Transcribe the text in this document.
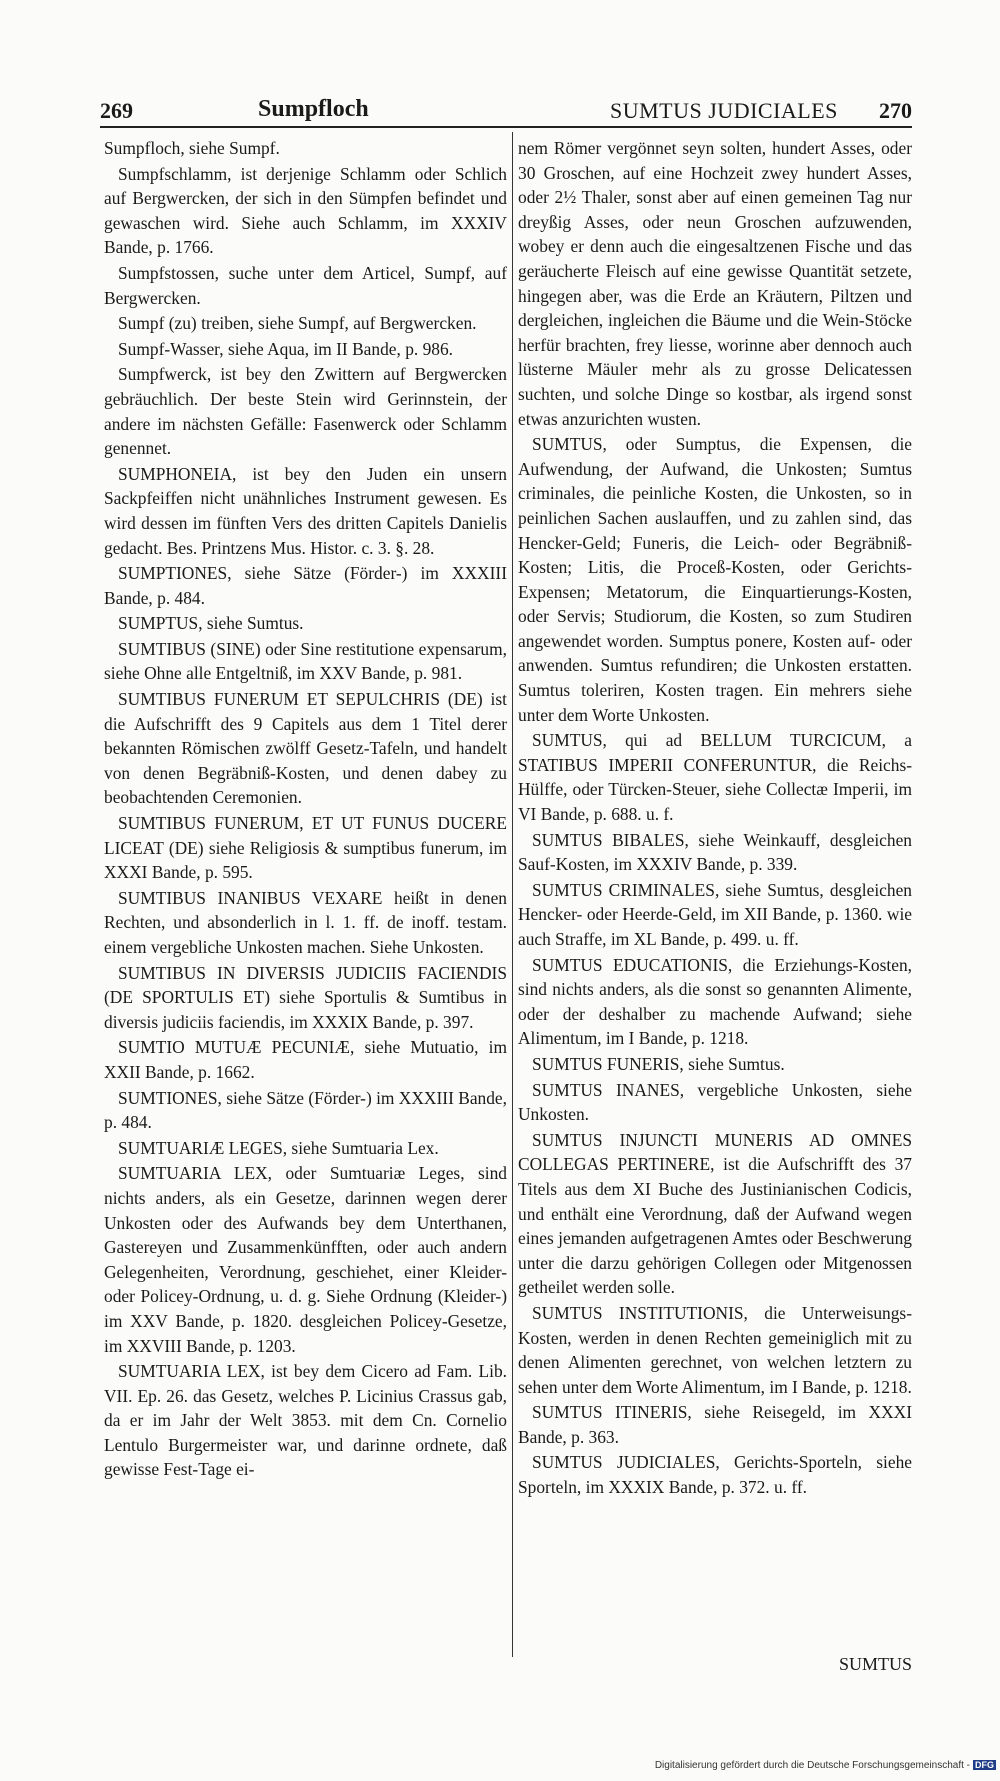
269	Sumpfloch	SUMTUS JUDICIALES 270

Sumpfloch, siehe Sumpf.

Sumpfschlamm, ist derjenige Schlamm oder Schlich auf Bergwercken, der sich in den Sümpfen befindet und gewaschen wird. Siehe auch Schlamm, im XXXIV Bande, p. 1766.

Sumpfstossen, suche unter dem Articel, Sumpf, auf Bergwercken.

Sumpf (zu) treiben, siehe Sumpf, auf Bergwercken.

Sumpf-Wasser, siehe Aqua, im II Bande, p. 986.

Sumpfwerck, ist bey den Zwittern auf Bergwercken gebräuchlich. Der beste Stein wird Gerinnstein, der andere im nächsten Gefälle: Fasenwerck oder Schlamm genennet.

SUMPHONEIA, ist bey den Juden ein unsern Sackpfeiffen nicht unähnliches Instrument gewesen. Es wird dessen im fünften Vers des dritten Capitels Danielis gedacht. Bes. Printzens Mus. Histor. c. 3. §. 28.

SUMPTIONES, siehe Sätze (Förder-) im XXXIII Bande, p. 484.

SUMPTUS, siehe Sumtus.

SUMTIBUS (SINE) oder Sine restitutione expensarum, siehe Ohne alle Entgeltniß, im XXV Bande, p. 981.

SUMTIBUS FUNERUM ET SEPULCHRIS (DE) ist die Aufschrifft des 9 Capitels aus dem 1 Titel derer bekannten Römischen zwölff Gesetz-Tafeln, und handelt von denen Begräbniß-Kosten, und denen dabey zu beobachtenden Ceremonien.

SUMTIBUS FUNERUM, ET UT FUNUS DUCERE LICEAT (DE) siehe Religiosis & sumptibus funerum, im XXXI Bande, p. 595.

SUMTIBUS INANIBUS VEXARE heißt in denen Rechten, und absonderlich in l. 1. ff. de inoff. testam. einem vergebliche Unkosten machen. Siehe Unkosten.

SUMTIBUS IN DIVERSIS JUDICIIS FACIENDIS (DE SPORTULIS ET) siehe Sportulis & Sumtibus in diversis judiciis faciendis, im XXXIX Bande, p. 397.

SUMTIO MUTUÆ PECUNIÆ, siehe Mutuatio, im XXII Bande, p. 1662.

SUMTIONES, siehe Sätze (Förder-) im XXXIII Bande, p. 484.

SUMTUARIÆ LEGES, siehe Sumtuaria Lex.

SUMTUARIA LEX, oder Sumtuariæ Leges, sind nichts anders, als ein Gesetze, darinnen wegen derer Unkosten oder des Aufwands bey dem Unterthanen, Gastereyen und Zusammenkünfften, oder auch andern Gelegenheiten, Verordnung, geschiehet, einer Kleider- oder Policey-Ordnung, u. d. g. Siehe Ordnung (Kleider-) im XXV Bande, p. 1820. desgleichen Policey-Gesetze, im XXVIII Bande, p. 1203.

SUMTUARIA LEX, ist bey dem Cicero ad Fam. Lib. VII. Ep. 26. das Gesetz, welches P. Licinius Crassus gab, da er im Jahr der Welt 3853. mit dem Cn. Cornelio Lentulo Burgermeister war, und darinne ordnete, daß gewisse Fest-Tage ei-

nem Römer vergönnet seyn solten, hundert Asses, oder 30 Groschen, auf eine Hochzeit zwey hundert Asses, oder 2½ Thaler, sonst aber auf einen gemeinen Tag nur dreyßig Asses, oder neun Groschen aufzuwenden, wobey er denn auch die eingesaltzenen Fische und das geräucherte Fleisch auf eine gewisse Quantität setzete, hingegen aber, was die Erde an Kräutern, Piltzen und dergleichen, ingleichen die Bäume und die Wein-Stöcke herfür brachten, frey liesse, worinne aber dennoch auch lüsterne Mäuler mehr als zu grosse Delicatessen suchten, und solche Dinge so kostbar, als irgend sonst etwas anzurichten wusten.

SUMTUS, oder Sumptus, die Expensen, die Aufwendung, der Aufwand, die Unkosten; Sumtus criminales, die peinliche Kosten, die Unkosten, so in peinlichen Sachen auslauffen, und zu zahlen sind, das Hencker-Geld; Funeris, die Leich- oder Begräbniß-Kosten; Litis, die Proceß-Kosten, oder Gerichts-Expensen; Metatorum, die Einquartierungs-Kosten, oder Servis; Studiorum, die Kosten, so zum Studiren angewendet worden. Sumptus ponere, Kosten auf- oder anwenden. Sumtus refundiren; die Unkosten erstatten. Sumtus toleriren, Kosten tragen. Ein mehrers siehe unter dem Worte Unkosten.

SUMTUS, qui ad BELLUM TURCICUM, a STATIBUS IMPERII CONFERUNTUR, die Reichs-Hülffe, oder Türcken-Steuer, siehe Collectæ Imperii, im VI Bande, p. 688. u. f.

SUMTUS BIBALES, siehe Weinkauff, desgleichen Sauf-Kosten, im XXXIV Bande, p. 339.

SUMTUS CRIMINALES, siehe Sumtus, desgleichen Hencker- oder Heerde-Geld, im XII Bande, p. 1360. wie auch Straffe, im XL Bande, p. 499. u. ff.

SUMTUS EDUCATIONIS, die Erziehungs-Kosten, sind nichts anders, als die sonst so genannten Alimente, oder der deshalber zu machende Aufwand; siehe Alimentum, im I Bande, p. 1218.

SUMTUS FUNERIS, siehe Sumtus.

SUMTUS INANES, vergebliche Unkosten, siehe Unkosten.

SUMTUS INJUNCTI MUNERIS AD OMNES COLLEGAS PERTINERE, ist die Aufschrifft des 37 Titels aus dem XI Buche des Justinianischen Codicis, und enthält eine Verordnung, daß der Aufwand wegen eines jemanden aufgetragenen Amtes oder Beschwerung unter die darzu gehörigen Collegen oder Mitgenossen getheilet werden solle.

SUMTUS INSTITUTIONIS, die Unterweisungs-Kosten, werden in denen Rechten gemeiniglich mit zu denen Alimenten gerechnet, von welchen letztern zu sehen unter dem Worte Alimentum, im I Bande, p. 1218.

SUMTUS ITINERIS, siehe Reisegeld, im XXXI Bande, p. 363.

SUMTUS JUDICIALES, Gerichts-Sporteln, siehe Sporteln, im XXXIX Bande, p. 372. u. ff.

SUMTUS
Digitalisierung gefördert durch die Deutsche Forschungsgemeinschaft - DFG
